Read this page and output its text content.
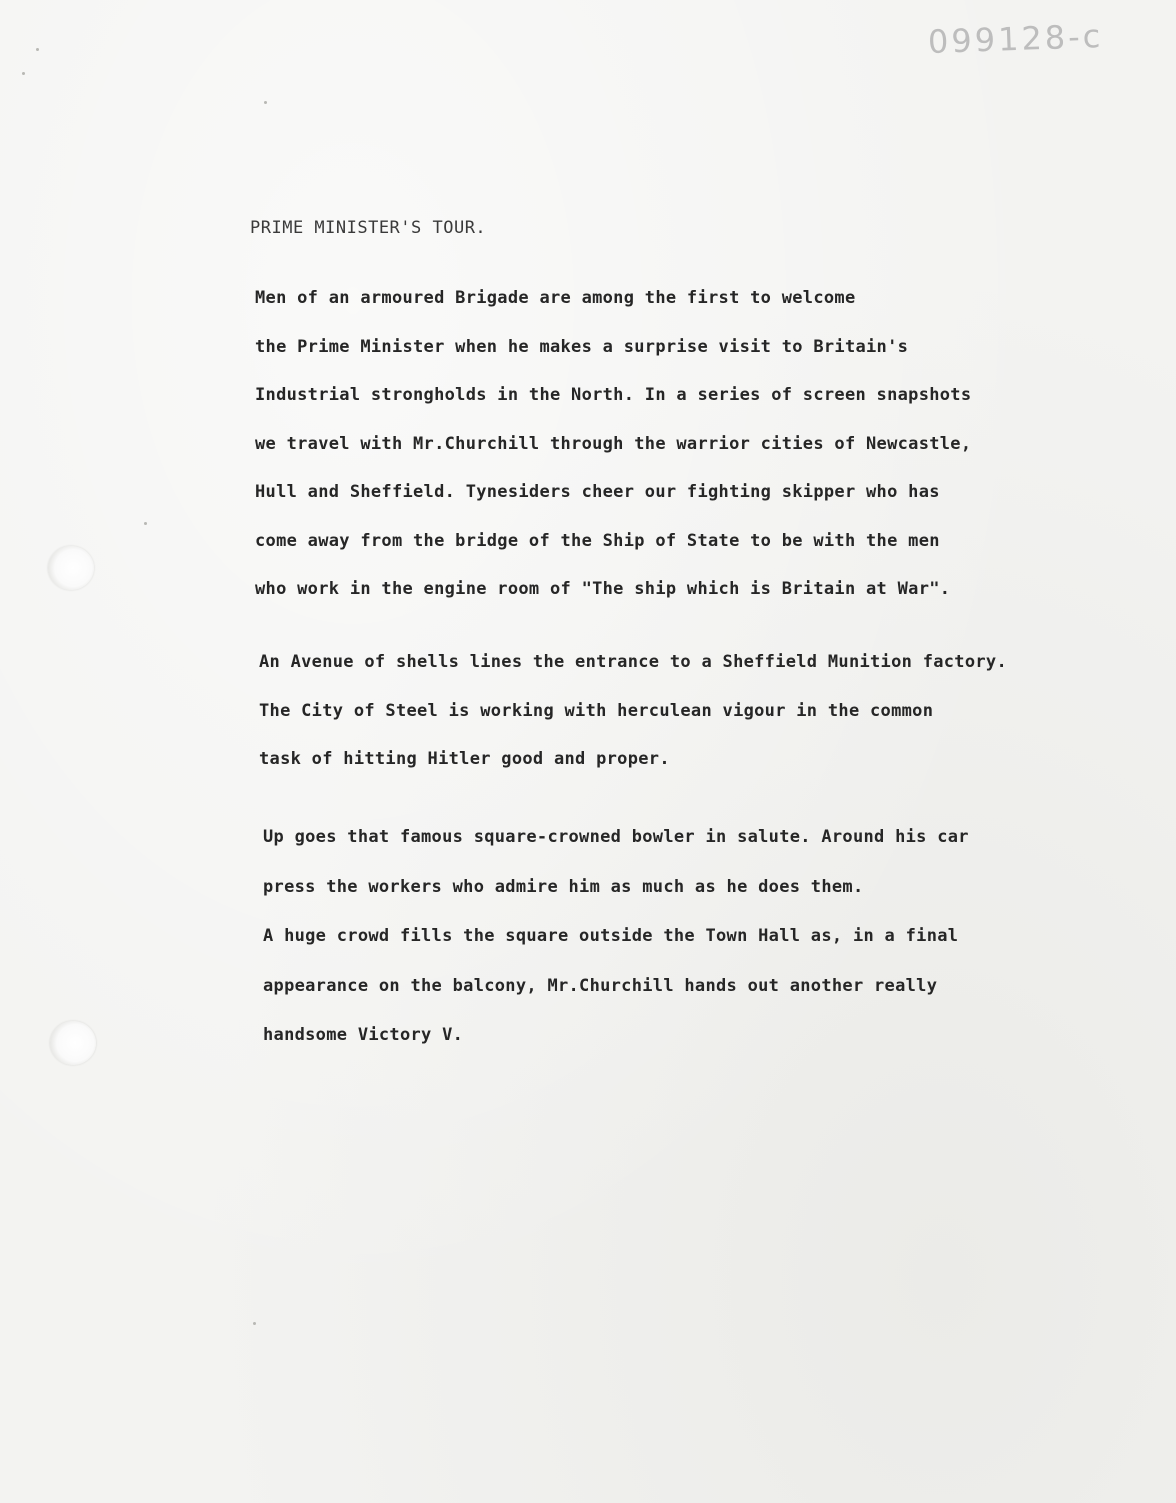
099128-c
PRIME MINISTER'S TOUR.

Men of an armoured Brigade are among the first to welcome
the Prime Minister when he makes a surprise visit to Britain's
Industrial strongholds in the North. In a series of screen snapshots
we travel with Mr.Churchill through the warrior cities of Newcastle,
Hull and Sheffield. Tynesiders cheer our fighting skipper who has
come away from the bridge of the Ship of State to be with the men
who work in the engine room of "The ship which is Britain at War".

An Avenue of shells lines the entrance to a Sheffield Munition factory.
The City of Steel is working with herculean vigour in the common
task of hitting Hitler good and proper.

Up goes that famous square-crowned bowler in salute. Around his car
press the workers who admire him as much as he does them.
A huge crowd fills the square outside the Town Hall as, in a final
appearance on the balcony, Mr.Churchill hands out another really
handsome Victory V.
